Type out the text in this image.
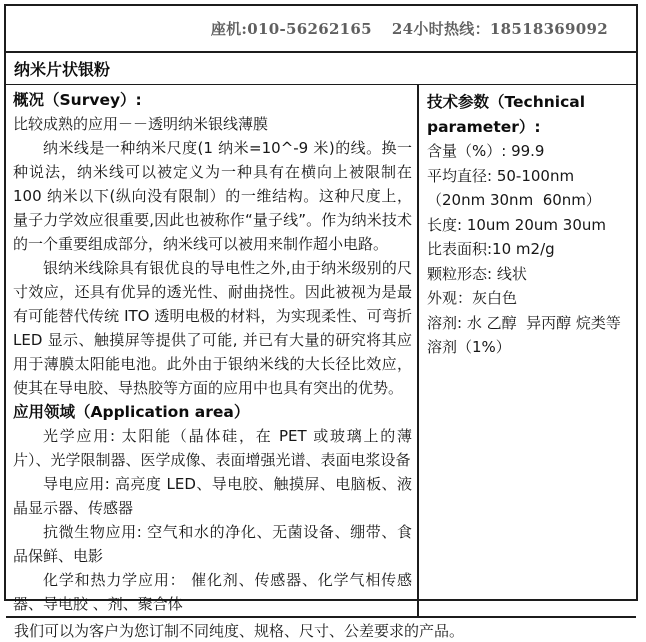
座机:010-56262165 24小时热线：18518369092
纳米片状银粉
概况（Survey）:

比较成熟的应用－－透明纳米银线薄膜

纳米线是一种纳米尺度(1 纳米=10^-9 米)的线。换一种说法，纳米线可以被定义为一种具有在横向上被限制在 100 纳米以下(纵向没有限制）的一维结构。这种尺度上，量子力学效应很重要,因此也被称作“量子线”。作为纳米技术的一个重要组成部分，纳米线可以被用来制作超小电路。

银纳米线除具有银优良的导电性之外,由于纳米级别的尺寸效应，还具有优异的透光性、耐曲挠性。因此被视为是最有可能替代传统 ITO 透明电极的材料，为实现柔性、可弯折 LED 显示、触摸屏等提供了可能, 并已有大量的研究将其应用于薄膜太阳能电池。此外由于银纳米线的大长径比效应，使其在导电胶、导热胶等方面的应用中也具有突出的优势。

应用领域（Application area）

光学应用: 太阳能（晶体硅，在 PET 或玻璃上的薄片）、光学限制器、医学成像、表面增强光谱、表面电浆设备

导电应用: 高亮度 LED、导电胶、触摸屏、电脑板、液晶显示器、传感器

抗微生物应用: 空气和水的净化、无菌设备、绷带、食品保鲜、电影

化学和热力学应用： 催化剂、传感器、化学气相传感器、导电胶 、剂、聚合体

技术参数（Technical parameter）:
含量（%）: 99.9
平均直径: 50-100nm
（20nm 30nm  60nm）
长度: 10um 20um 30um
比表面积:10 m2/g
颗粒形态: 线状
外观：灰白色
溶剂: 水 乙醇  异丙醇 烷类等
溶剂（1%）
我们可以为客户为您订制不同纯度、规格、尺寸、公差要求的产品。
